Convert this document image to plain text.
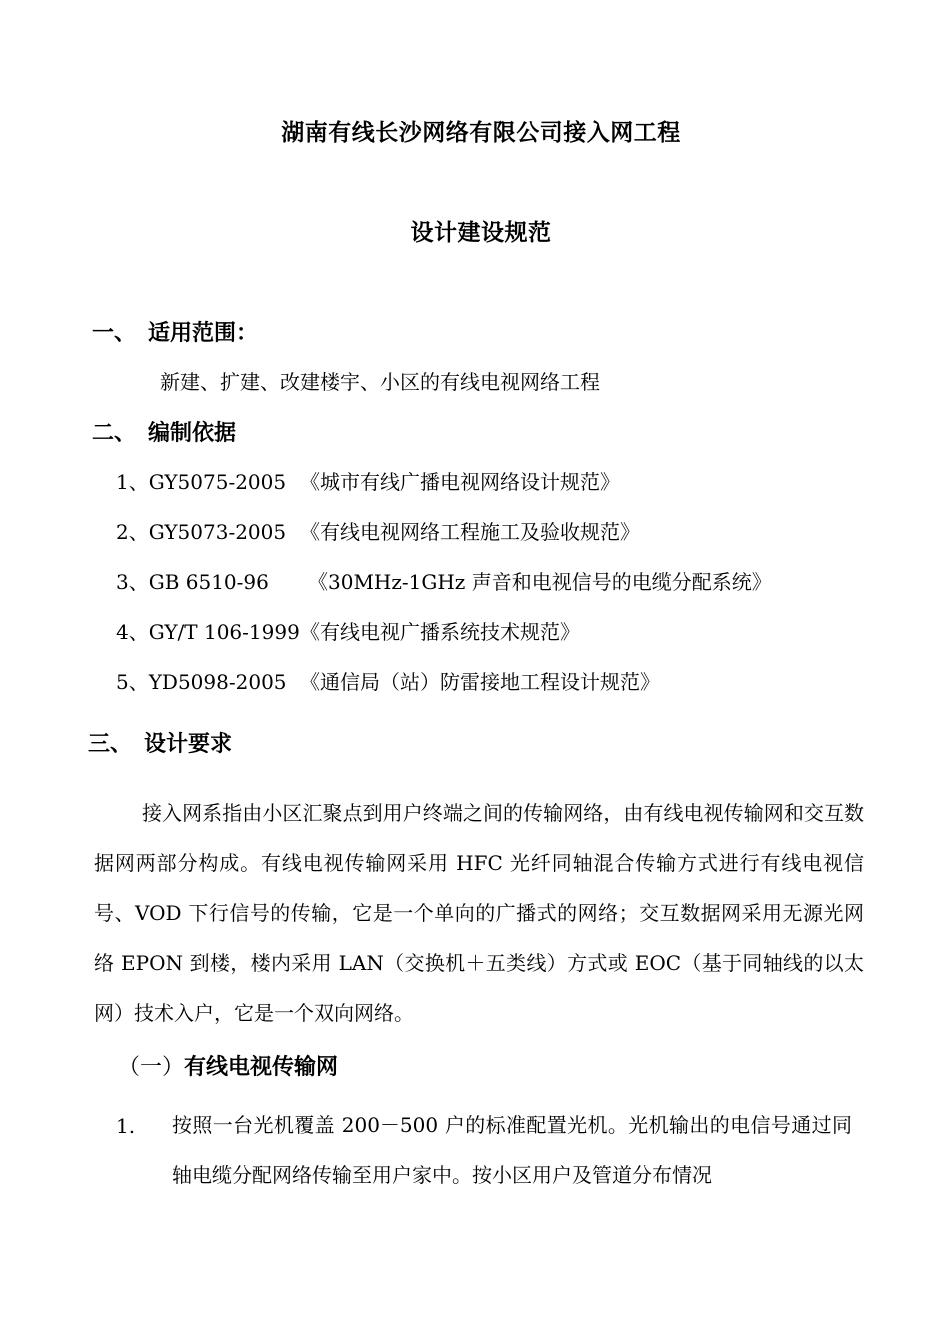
湖南有线长沙网络有限公司接入网工程
设计建设规范
一、 适用范围：
新建、扩建、改建楼宇、小区的有线电视网络工程
二、 编制依据
1、GY5075-2005 《城市有线广播电视网络设计规范》
2、GY5073-2005 《有线电视网络工程施工及验收规范》
3、GB 6510-96 《30MHz-1GHz 声音和电视信号的电缆分配系统》
4、GY/T 106-1999《有线电视广播系统技术规范》
5、YD5098-2005 《通信局（站）防雷接地工程设计规范》
三、 设计要求
接入网系指由小区汇聚点到用户终端之间的传输网络，由有线电视传输网和交互数据网两部分构成。有线电视传输网采用 HFC 光纤同轴混合传输方式进行有线电视信号、VOD 下行信号的传输，它是一个单向的广播式的网络；交互数据网采用无源光网络 EPON 到楼，楼内采用 LAN（交换机＋五类线）方式或 EOC（基于同轴线的以太网）技术入户，它是一个双向网络。
（一）有线电视传输网
1. 按照一台光机覆盖 200－500 户的标准配置光机。光机输出的电信号通过同轴电缆分配网络传输至用户家中。按小区用户及管道分布情况
